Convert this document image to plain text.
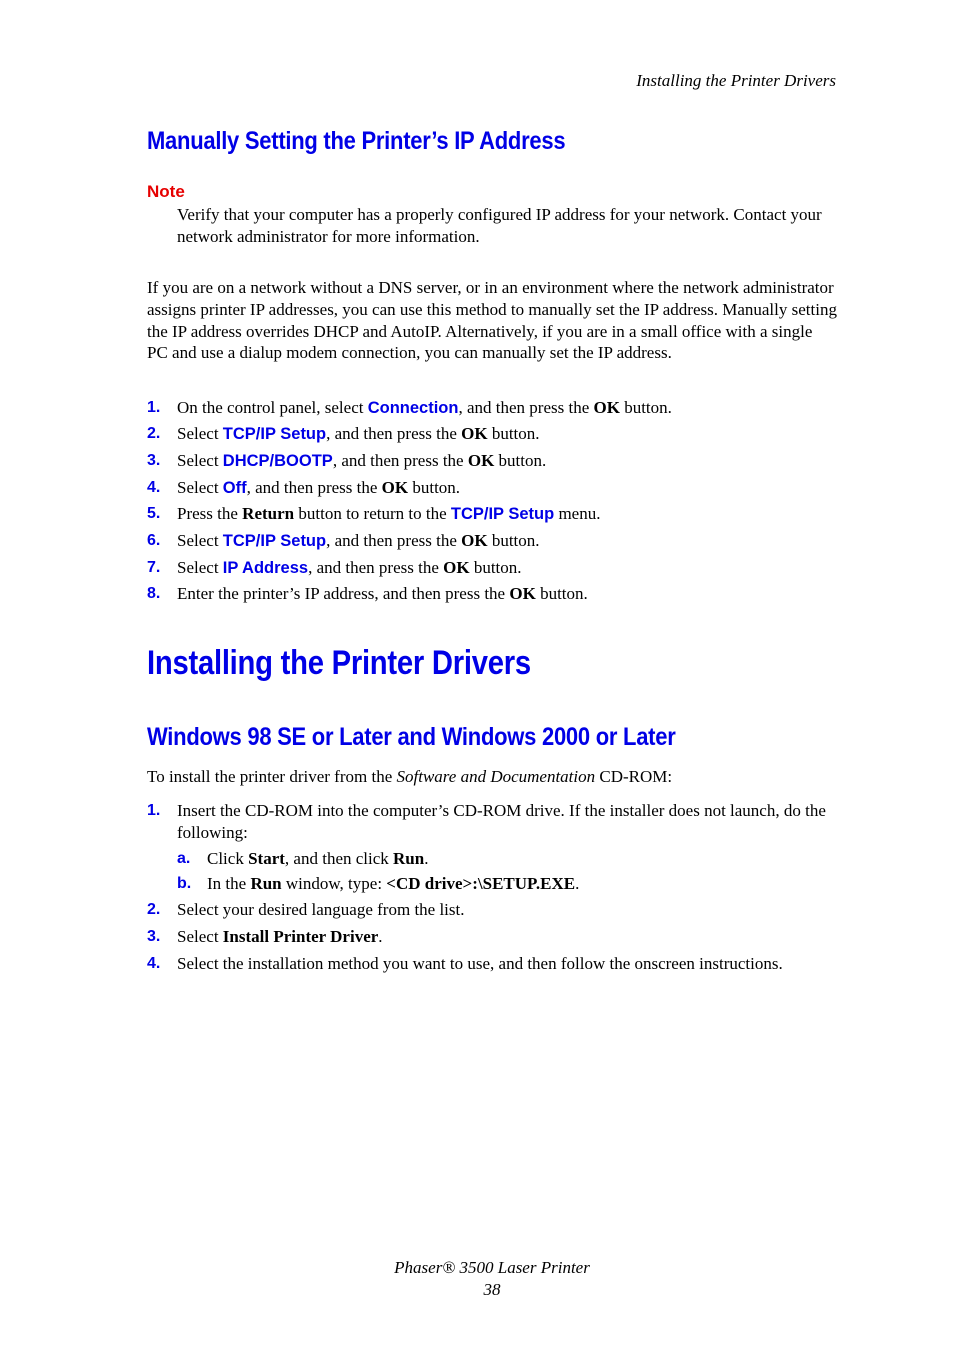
Installing the Printer Drivers
Manually Setting the Printer’s IP Address
Note
Verify that your computer has a properly configured IP address for your network. Contact your network administrator for more information.
If you are on a network without a DNS server, or in an environment where the network administrator assigns printer IP addresses, you can use this method to manually set the IP address. Manually setting the IP address overrides DHCP and AutoIP. Alternatively, if you are in a small office with a single PC and use a dialup modem connection, you can manually set the IP address.
1. On the control panel, select Connection, and then press the OK button.
2. Select TCP/IP Setup, and then press the OK button.
3. Select DHCP/BOOTP, and then press the OK button.
4. Select Off, and then press the OK button.
5. Press the Return button to return to the TCP/IP Setup menu.
6. Select TCP/IP Setup, and then press the OK button.
7. Select IP Address, and then press the OK button.
8. Enter the printer’s IP address, and then press the OK button.
Installing the Printer Drivers
Windows 98 SE or Later and Windows 2000 or Later
To install the printer driver from the Software and Documentation CD-ROM:
1. Insert the CD-ROM into the computer’s CD-ROM drive. If the installer does not launch, do the following:
a. Click Start, and then click Run.
b. In the Run window, type: <CD drive>:\SETUP.EXE.
2. Select your desired language from the list.
3. Select Install Printer Driver.
4. Select the installation method you want to use, and then follow the onscreen instructions.
Phaser® 3500 Laser Printer
38
